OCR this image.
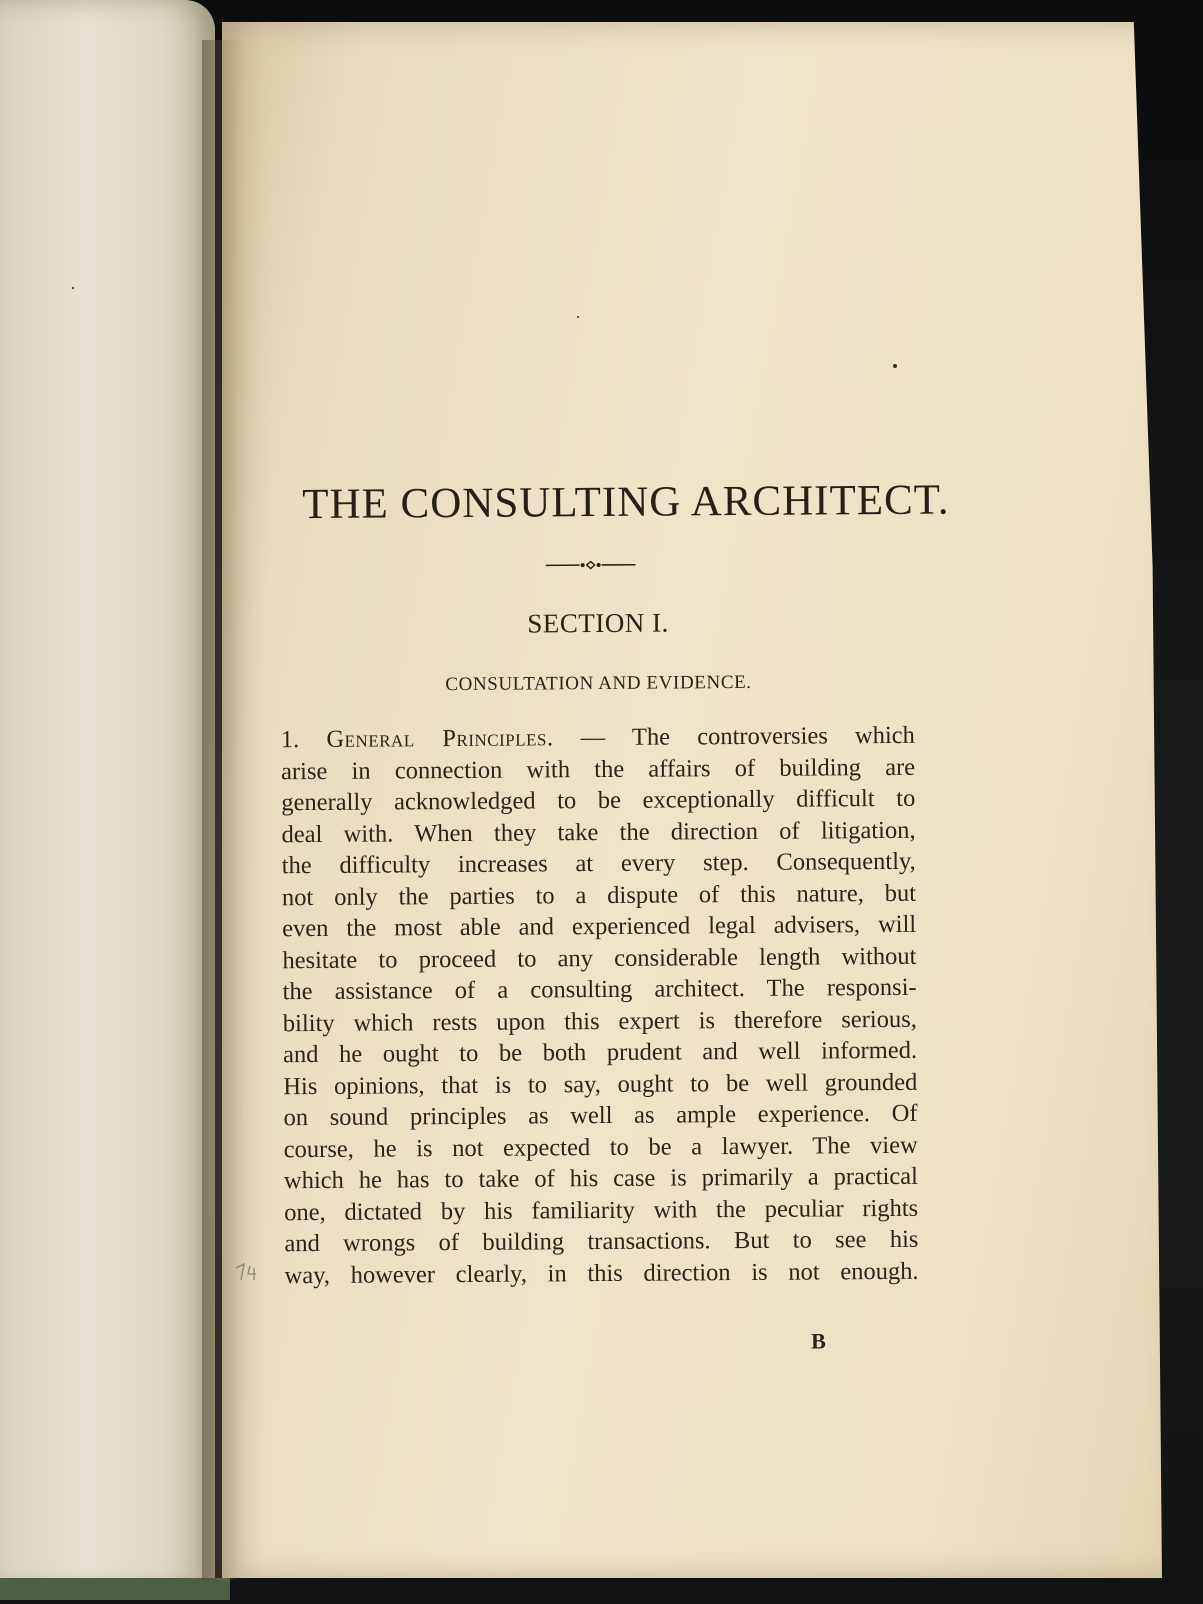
THE CONSULTING ARCHITECT.
SECTION I.
CONSULTATION AND EVIDENCE.
1. General Principles. — The controversies which
arise in connection with the affairs of building are
generally acknowledged to be exceptionally difficult to
deal with. When they take the direction of litigation,
the difficulty increases at every step. Consequently,
not only the parties to a dispute of this nature, but
even the most able and experienced legal advisers, will
hesitate to proceed to any considerable length without
the assistance of a consulting architect. The responsi-
bility which rests upon this expert is therefore serious,
and he ought to be both prudent and well informed.
His opinions, that is to say, ought to be well grounded
on sound principles as well as ample experience. Of
course, he is not expected to be a lawyer. The view
which he has to take of his case is primarily a practical
one, dictated by his familiarity with the peculiar rights
and wrongs of building transactions. But to see his
way, however clearly, in this direction is not enough.
B
